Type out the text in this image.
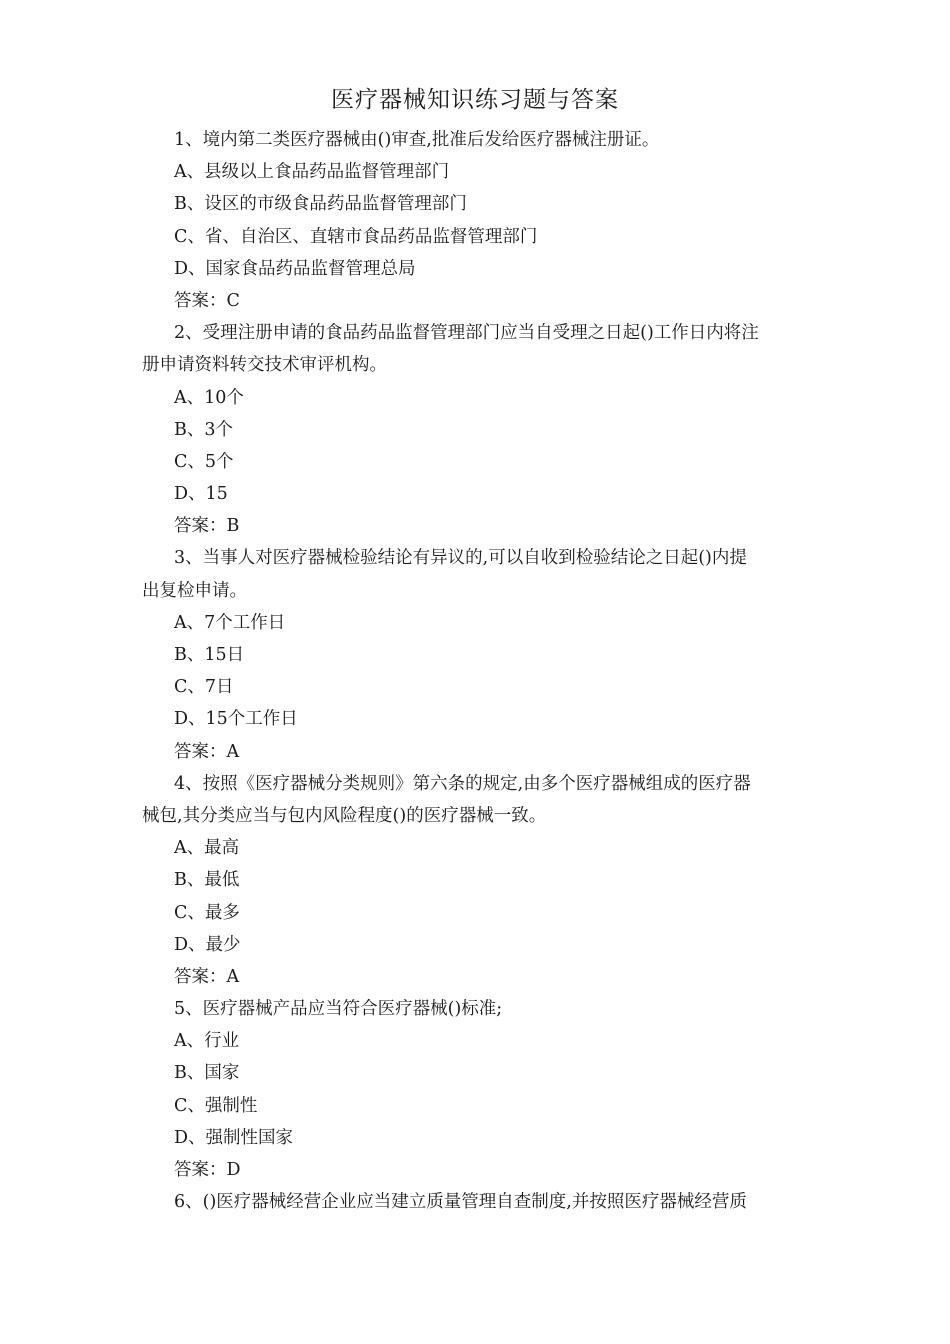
医疗器械知识练习题与答案
1、境内第二类医疗器械由()审查,批准后发给医疗器械注册证。
A、县级以上食品药品监督管理部门
B、设区的市级食品药品监督管理部门
C、省、自治区、直辖市食品药品监督管理部门
D、国家食品药品监督管理总局
答案：C
2、受理注册申请的食品药品监督管理部门应当自受理之日起()工作日内将注
册申请资料转交技术审评机构。
A、10个
B、3个
C、5个
D、15
答案：B
3、当事人对医疗器械检验结论有异议的,可以自收到检验结论之日起()内提
出复检申请。
A、7个工作日
B、15日
C、7日
D、15个工作日
答案：A
4、按照《医疗器械分类规则》第六条的规定,由多个医疗器械组成的医疗器
械包,其分类应当与包内风险程度()的医疗器械一致。
A、最高
B、最低
C、最多
D、最少
答案：A
5、医疗器械产品应当符合医疗器械()标准;
A、行业
B、国家
C、强制性
D、强制性国家
答案：D
6、()医疗器械经营企业应当建立质量管理自查制度,并按照医疗器械经营质
